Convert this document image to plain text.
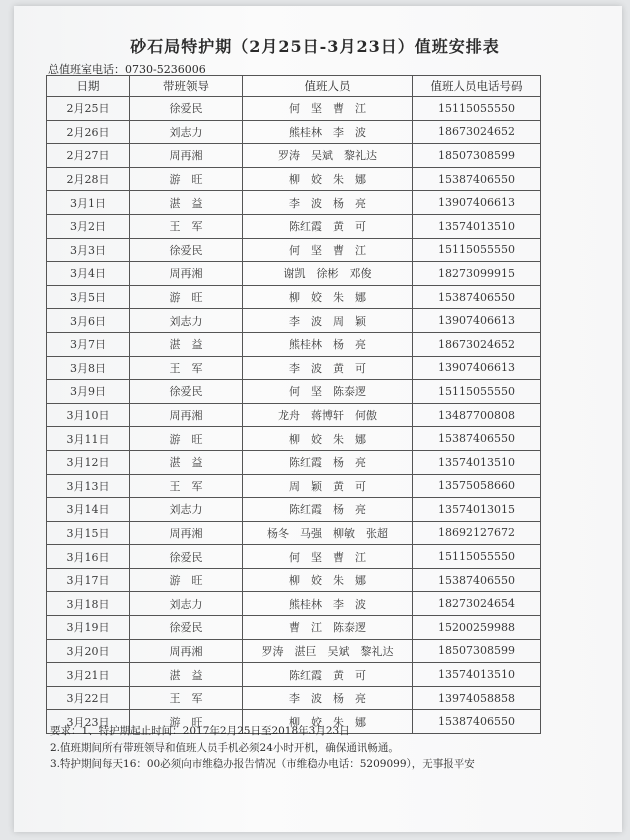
砂石局特护期（2月25日-3月23日）值班安排表
总值班室电话：0730-5236006
日期	带班领导	值班人员	值班人员电话号码
2月25日	徐爱民	何　坚　曹　江	15115055550
2月26日	刘志力	熊桂林　李　波	18673024652
2月27日	周再湘	罗涛　吴斌　黎礼达	18507308599
2月28日	游　旺	柳　姣　朱　娜	15387406550
3月1日	湛　益	李　波　杨　亮	13907406613
3月2日	王　军	陈红霞　黄　可	13574013510
3月3日	徐爱民	何　坚　曹　江	15115055550
3月4日	周再湘	谢凯　徐彬　邓俊	18273099915
3月5日	游　旺	柳　姣　朱　娜	15387406550
3月6日	刘志力	李　波　周　颖	13907406613
3月7日	湛　益	熊桂林　杨　亮	18673024652
3月8日	王　军	李　波　黄　可	13907406613
3月9日	徐爱民	何　坚　陈泰逻	15115055550
3月10日	周再湘	龙舟　蒋博轩　何傲	13487700808
3月11日	游　旺	柳　姣　朱　娜	15387406550
3月12日	湛　益	陈红霞　杨　亮	13574013510
3月13日	王　军	周　颖　黄　可	13575058660
3月14日	刘志力	陈红霞　杨　亮	13574013015
3月15日	周再湘	杨冬　马强　柳敏　张超	18692127672
3月16日	徐爱民	何　坚　曹　江	15115055550
3月17日	游　旺	柳　姣　朱　娜	15387406550
3月18日	刘志力	熊桂林　李　波	18273024654
3月19日	徐爱民	曹　江　陈泰逻	15200259988
3月20日	周再湘	罗涛　湛巨　吴斌　黎礼达	18507308599
3月21日	湛　益	陈红霞　黄　可	13574013510
3月22日	王　军	李　波　杨　亮	13974058858
3月23日	游　旺	柳　姣　朱　娜	15387406550
要求：1、特护期起止时间：2017年2月25日至2018年3月23日
2.值班期间所有带班领导和值班人员手机必须24小时开机，确保通讯畅通。
3.特护期间每天16：00必须向市维稳办报告情况（市维稳办电话：5209099），无事报平安
